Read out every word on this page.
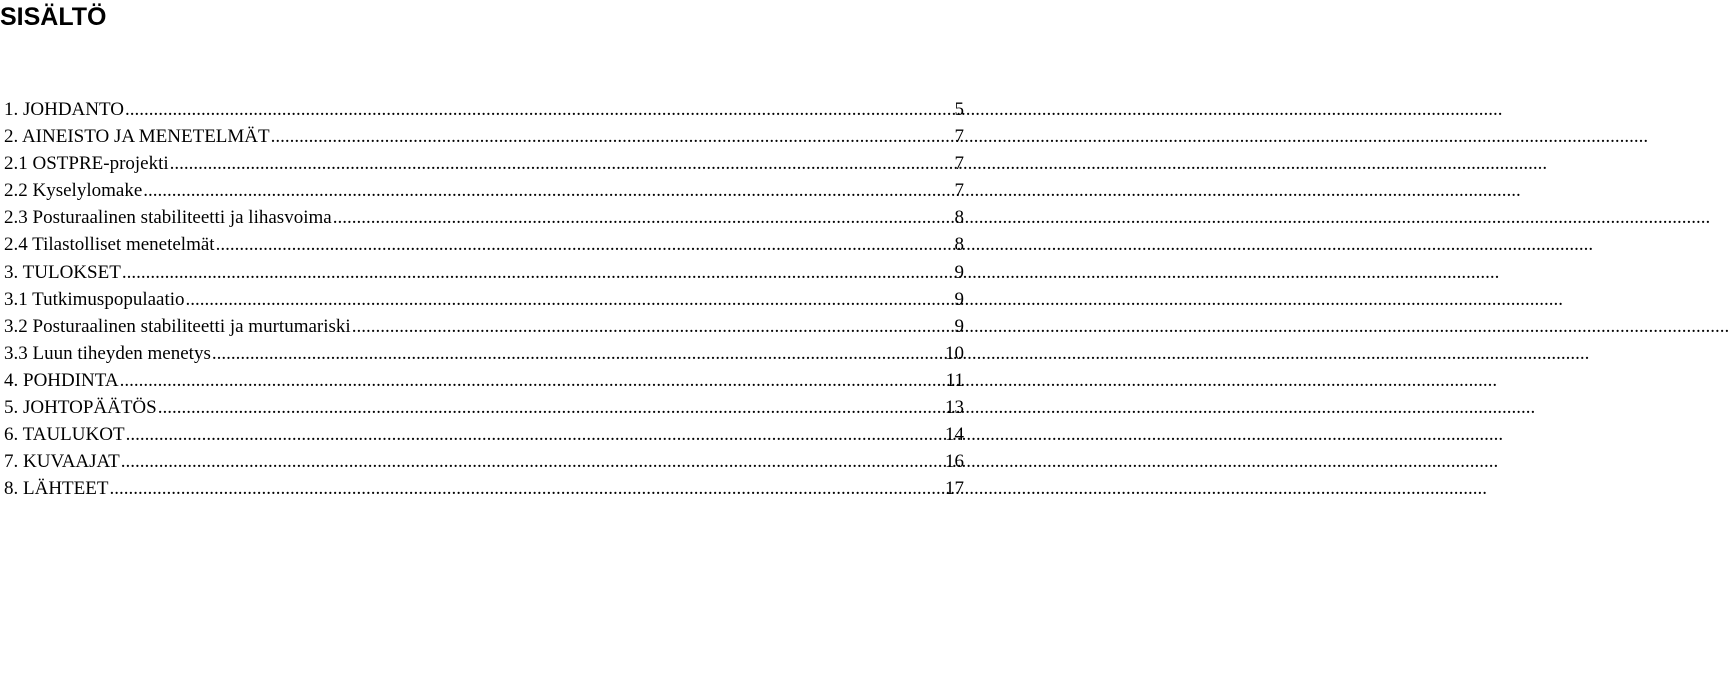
SISÄLTÖ
1. JOHDANTO .....	5
2. AINEISTO JA MENETELMÄT .....	7
2.1 OSTPRE-projekti .....	7
2.2 Kyselylomake .....	7
2.3 Posturaalinen stabiliteetti ja lihasvoima .....	8
2.4 Tilastolliset menetelmät .....	8
3. TULOKSET .....	9
3.1 Tutkimuspopulaatio .....	9
3.2 Posturaalinen stabiliteetti ja murtumariski .....	9
3.3 Luun tiheyden menetys .....	10
4. POHDINTA .....	11
5. JOHTOPÄÄTÖS .....	13
6. TAULUKOT .....	14
7. KUVAAJAT .....	16
8. LÄHTEET .....	17
